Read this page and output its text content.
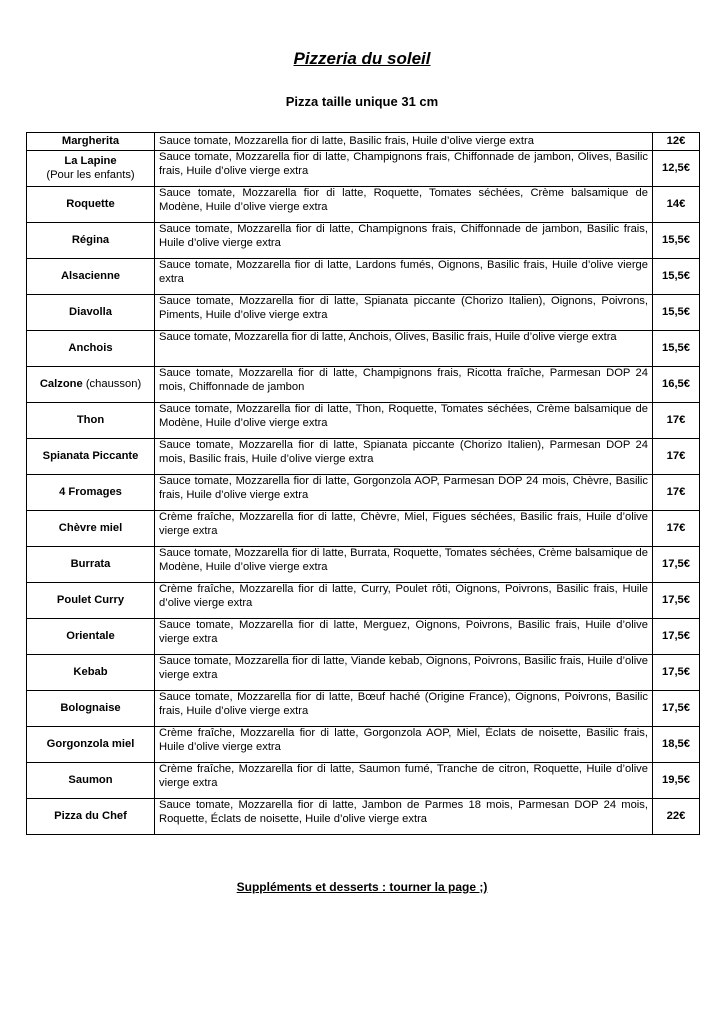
Pizzeria du soleil
Pizza taille unique 31 cm
Margherita	Sauce tomate, Mozzarella fior di latte, Basilic frais, Huile d’olive vierge extra	12€

La Lapine
(Pour les enfants)	Sauce tomate, Mozzarella fior di latte, Champignons frais, Chiffonnade de jambon, Olives, Basilic frais, Huile d’olive vierge extra	12,5€
Roquette	Sauce tomate, Mozzarella fior di latte, Roquette, Tomates séchées, Crème balsamique de Modène, Huile d’olive vierge extra	14€
Régina	Sauce tomate, Mozzarella fior di latte, Champignons frais, Chiffonnade de jambon, Basilic frais, Huile d’olive vierge extra	15,5€
Alsacienne	Sauce tomate, Mozzarella fior di latte, Lardons fumés, Oignons, Basilic frais, Huile d’olive vierge extra	15,5€
Diavolla	Sauce tomate, Mozzarella fior di latte, Spianata piccante (Chorizo Italien), Oignons, Poivrons, Piments, Huile d’olive vierge extra	15,5€
Anchois	Sauce tomate, Mozzarella fior di latte, Anchois, Olives, Basilic frais, Huile d’olive vierge extra	15,5€
Calzone (chausson)	Sauce tomate, Mozzarella fior di latte, Champignons frais, Ricotta fraîche, Parmesan DOP 24 mois, Chiffonnade de jambon	16,5€
Thon	Sauce tomate, Mozzarella fior di latte, Thon, Roquette, Tomates séchées, Crème balsamique de Modène, Huile d’olive vierge extra	17€
Spianata Piccante	Sauce tomate, Mozzarella fior di latte, Spianata piccante (Chorizo Italien), Parmesan DOP 24 mois, Basilic frais, Huile d’olive vierge extra	17€
4 Fromages	Sauce tomate, Mozzarella fior di latte, Gorgonzola AOP, Parmesan DOP 24 mois, Chèvre, Basilic frais, Huile d’olive vierge extra	17€
Chèvre miel	Crème fraîche, Mozzarella fior di latte, Chèvre, Miel, Figues séchées, Basilic frais, Huile d’olive vierge extra	17€
Burrata	Sauce tomate, Mozzarella fior di latte, Burrata, Roquette, Tomates séchées, Crème balsamique de Modène, Huile d’olive vierge extra	17,5€
Poulet Curry	Crème fraîche, Mozzarella fior di latte, Curry, Poulet rôti, Oignons, Poivrons, Basilic frais, Huile d’olive vierge extra	17,5€
Orientale	Sauce tomate, Mozzarella fior di latte, Merguez, Oignons, Poivrons, Basilic frais, Huile d’olive vierge extra	17,5€
Kebab	Sauce tomate, Mozzarella fior di latte, Viande kebab, Oignons, Poivrons, Basilic frais, Huile d’olive vierge extra	17,5€
Bolognaise	Sauce tomate, Mozzarella fior di latte, Bœuf haché (Origine France), Oignons, Poivrons, Basilic frais, Huile d’olive vierge extra	17,5€
Gorgonzola miel	Crème fraîche, Mozzarella fior di latte, Gorgonzola AOP, Miel, Éclats de noisette, Basilic frais, Huile d’olive vierge extra	18,5€
Saumon	Crème fraîche, Mozzarella fior di latte, Saumon fumé, Tranche de citron, Roquette, Huile d’olive vierge extra	19,5€
Pizza du Chef	Sauce tomate, Mozzarella fior di latte, Jambon de Parmes 18 mois, Parmesan DOP 24 mois, Roquette, Éclats de noisette, Huile d’olive vierge extra	22€
Suppléments et desserts : tourner la page ;)
